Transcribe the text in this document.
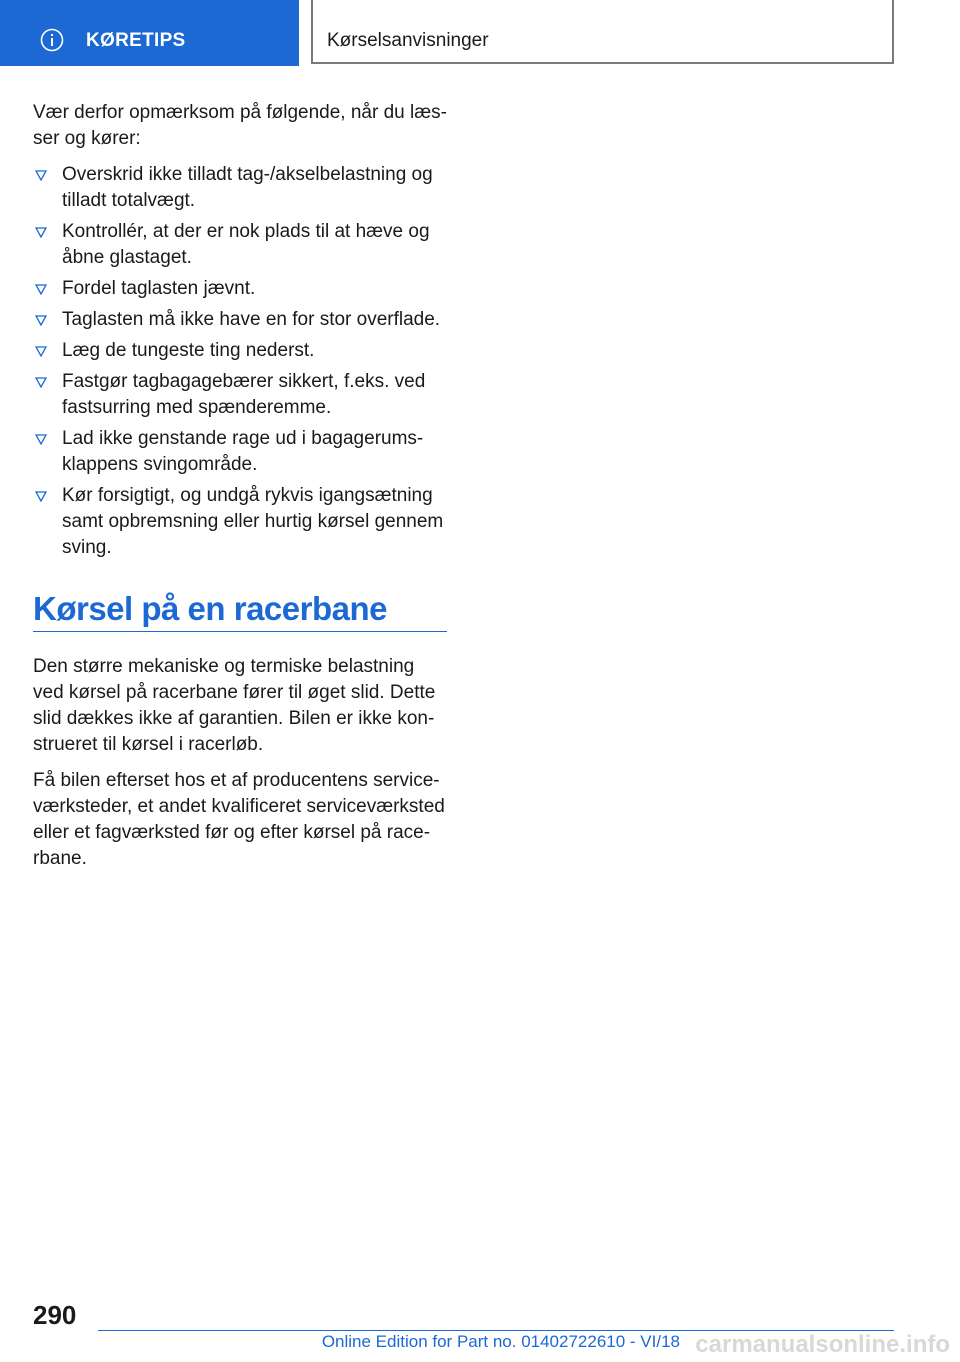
KØRETIPS	Kørselsanvisninger

Vær derfor opmærksom på følgende, når du læs-ser og kører:

Overskrid ikke tilladt tag-/akselbelastning og tilladt totalvægt.
Kontrollér, at der er nok plads til at hæve og åbne glastaget.
Fordel taglasten jævnt.
Taglasten må ikke have en for stor overflade.
Læg de tungeste ting nederst.
Fastgør tagbagagebærer sikkert, f.eks. ved fastsurring med spænderemme.
Lad ikke genstande rage ud i bagagerums-klappens svingområde.
Kør forsigtigt, og undgå rykvis igangsætning samt opbremsning eller hurtig kørsel gennem sving.
Kørsel på en racerbane

Den større mekaniske og termiske belastning ved kørsel på racerbane fører til øget slid. Dette slid dækkes ikke af garantien. Bilen er ikke kon-strueret til kørsel i racerløb.

Få bilen efterset hos et af producentens service-værksteder, et andet kvalificeret serviceværksted eller et fagværksted før og efter kørsel på race-rbane.

290
Online Edition for Part no. 01402722610 - VI/18 carmanualsonline.info
